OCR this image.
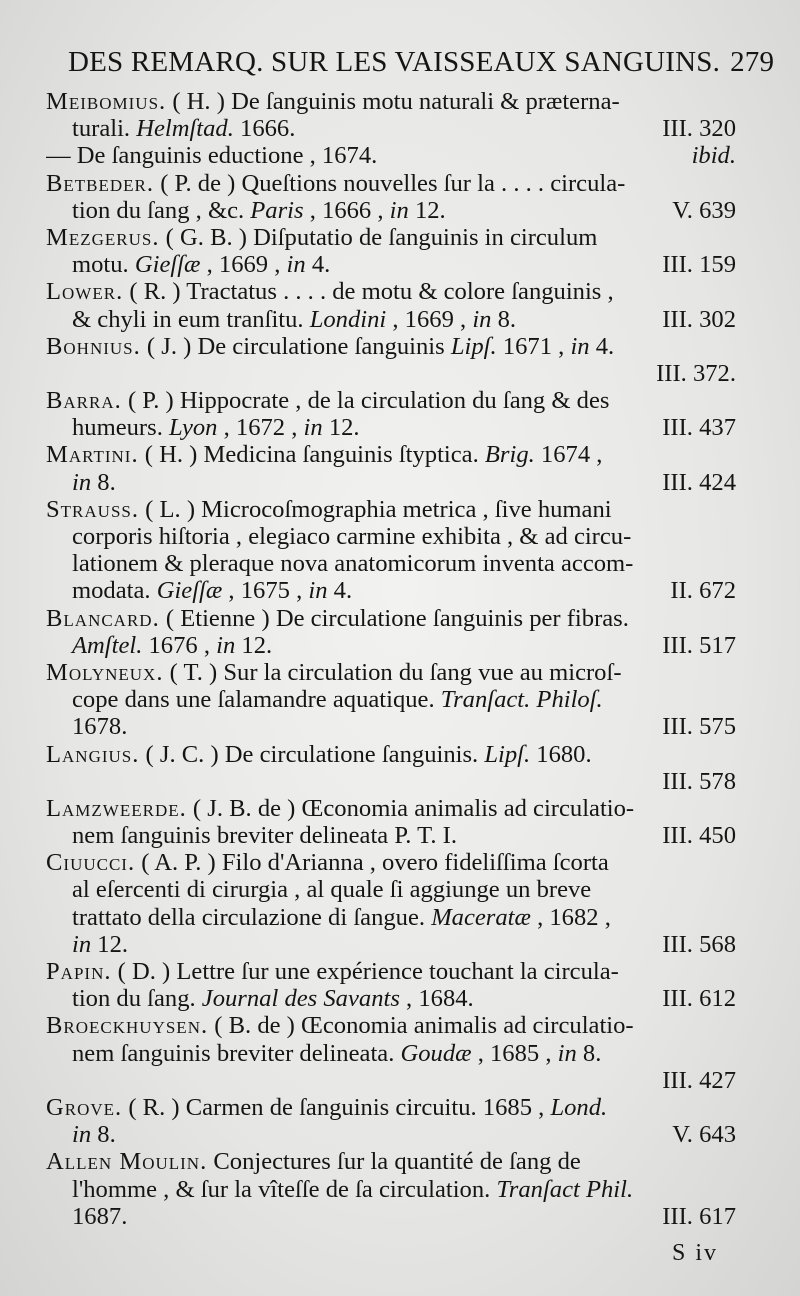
DES REMARQ. SUR LES VAISSEAUX SANGUINS. 279
Meibomius. ( H. ) De ſanguinis motu naturali & præterna-
turali. Helmſtad. 1666.	III. 320
— De ſanguinis eductione , 1674.	ibid.
Betbeder. ( P. de ) Queſtions nouvelles ſur la . . . . circula-
tion du ſang , &c. Paris , 1666 , in 12.	V. 639
Mezgerus. ( G. B. ) Diſputatio de ſanguinis in circulum
motu. Gieſſæ , 1669 , in 4.	III. 159
Lower. ( R. ) Tractatus . . . . de motu & colore ſanguinis ,
& chyli in eum tranſitu. Londini , 1669 , in 8.	III. 302
Bohnius. ( J. ) De circulatione ſanguinis Lipſ. 1671 , in 4.
III. 372.
Barra. ( P. ) Hippocrate , de la circulation du ſang & des
humeurs. Lyon , 1672 , in 12.	III. 437
Martini. ( H. ) Medicina ſanguinis ſtyptica. Brig. 1674 ,
in 8.	III. 424
Strauss. ( L. ) Microcoſmographia metrica , ſive humani
corporis hiſtoria , elegiaco carmine exhibita , & ad circu-
lationem & pleraque nova anatomicorum inventa accom-
modata. Gieſſæ , 1675 , in 4.	II. 672
Blancard. ( Etienne ) De circulatione ſanguinis per fibras.
Amſtel. 1676 , in 12.	III. 517
Molyneux. ( T. ) Sur la circulation du ſang vue au microſ-
cope dans une ſalamandre aquatique. Tranſact. Philoſ.
1678.	III. 575
Langius. ( J. C. ) De circulatione ſanguinis. Lipſ. 1680.
III. 578
Lamzweerde. ( J. B. de ) Œconomia animalis ad circulatio-
nem ſanguinis breviter delineata P. T. I.	III. 450
Ciuucci. ( A. P. ) Filo d'Arianna , overo fideliſſima ſcorta
al eſercenti di cirurgia , al quale ſi aggiunge un breve
trattato della circulazione di ſangue. Maceratæ , 1682 ,
in 12.	III. 568
Papin. ( D. ) Lettre ſur une expérience touchant la circula-
tion du ſang. Journal des Savants , 1684.	III. 612
Broeckhuysen. ( B. de ) Œconomia animalis ad circulatio-
nem ſanguinis breviter delineata. Goudæ , 1685 , in 8.
III. 427
Grove. ( R. ) Carmen de ſanguinis circuitu. 1685 , Lond.
in 8.	V. 643
Allen Moulin. Conjectures ſur la quantité de ſang de
l'homme , & ſur la vîteſſe de ſa circulation. Tranſact Phil.
1687.	III. 617
S iv
